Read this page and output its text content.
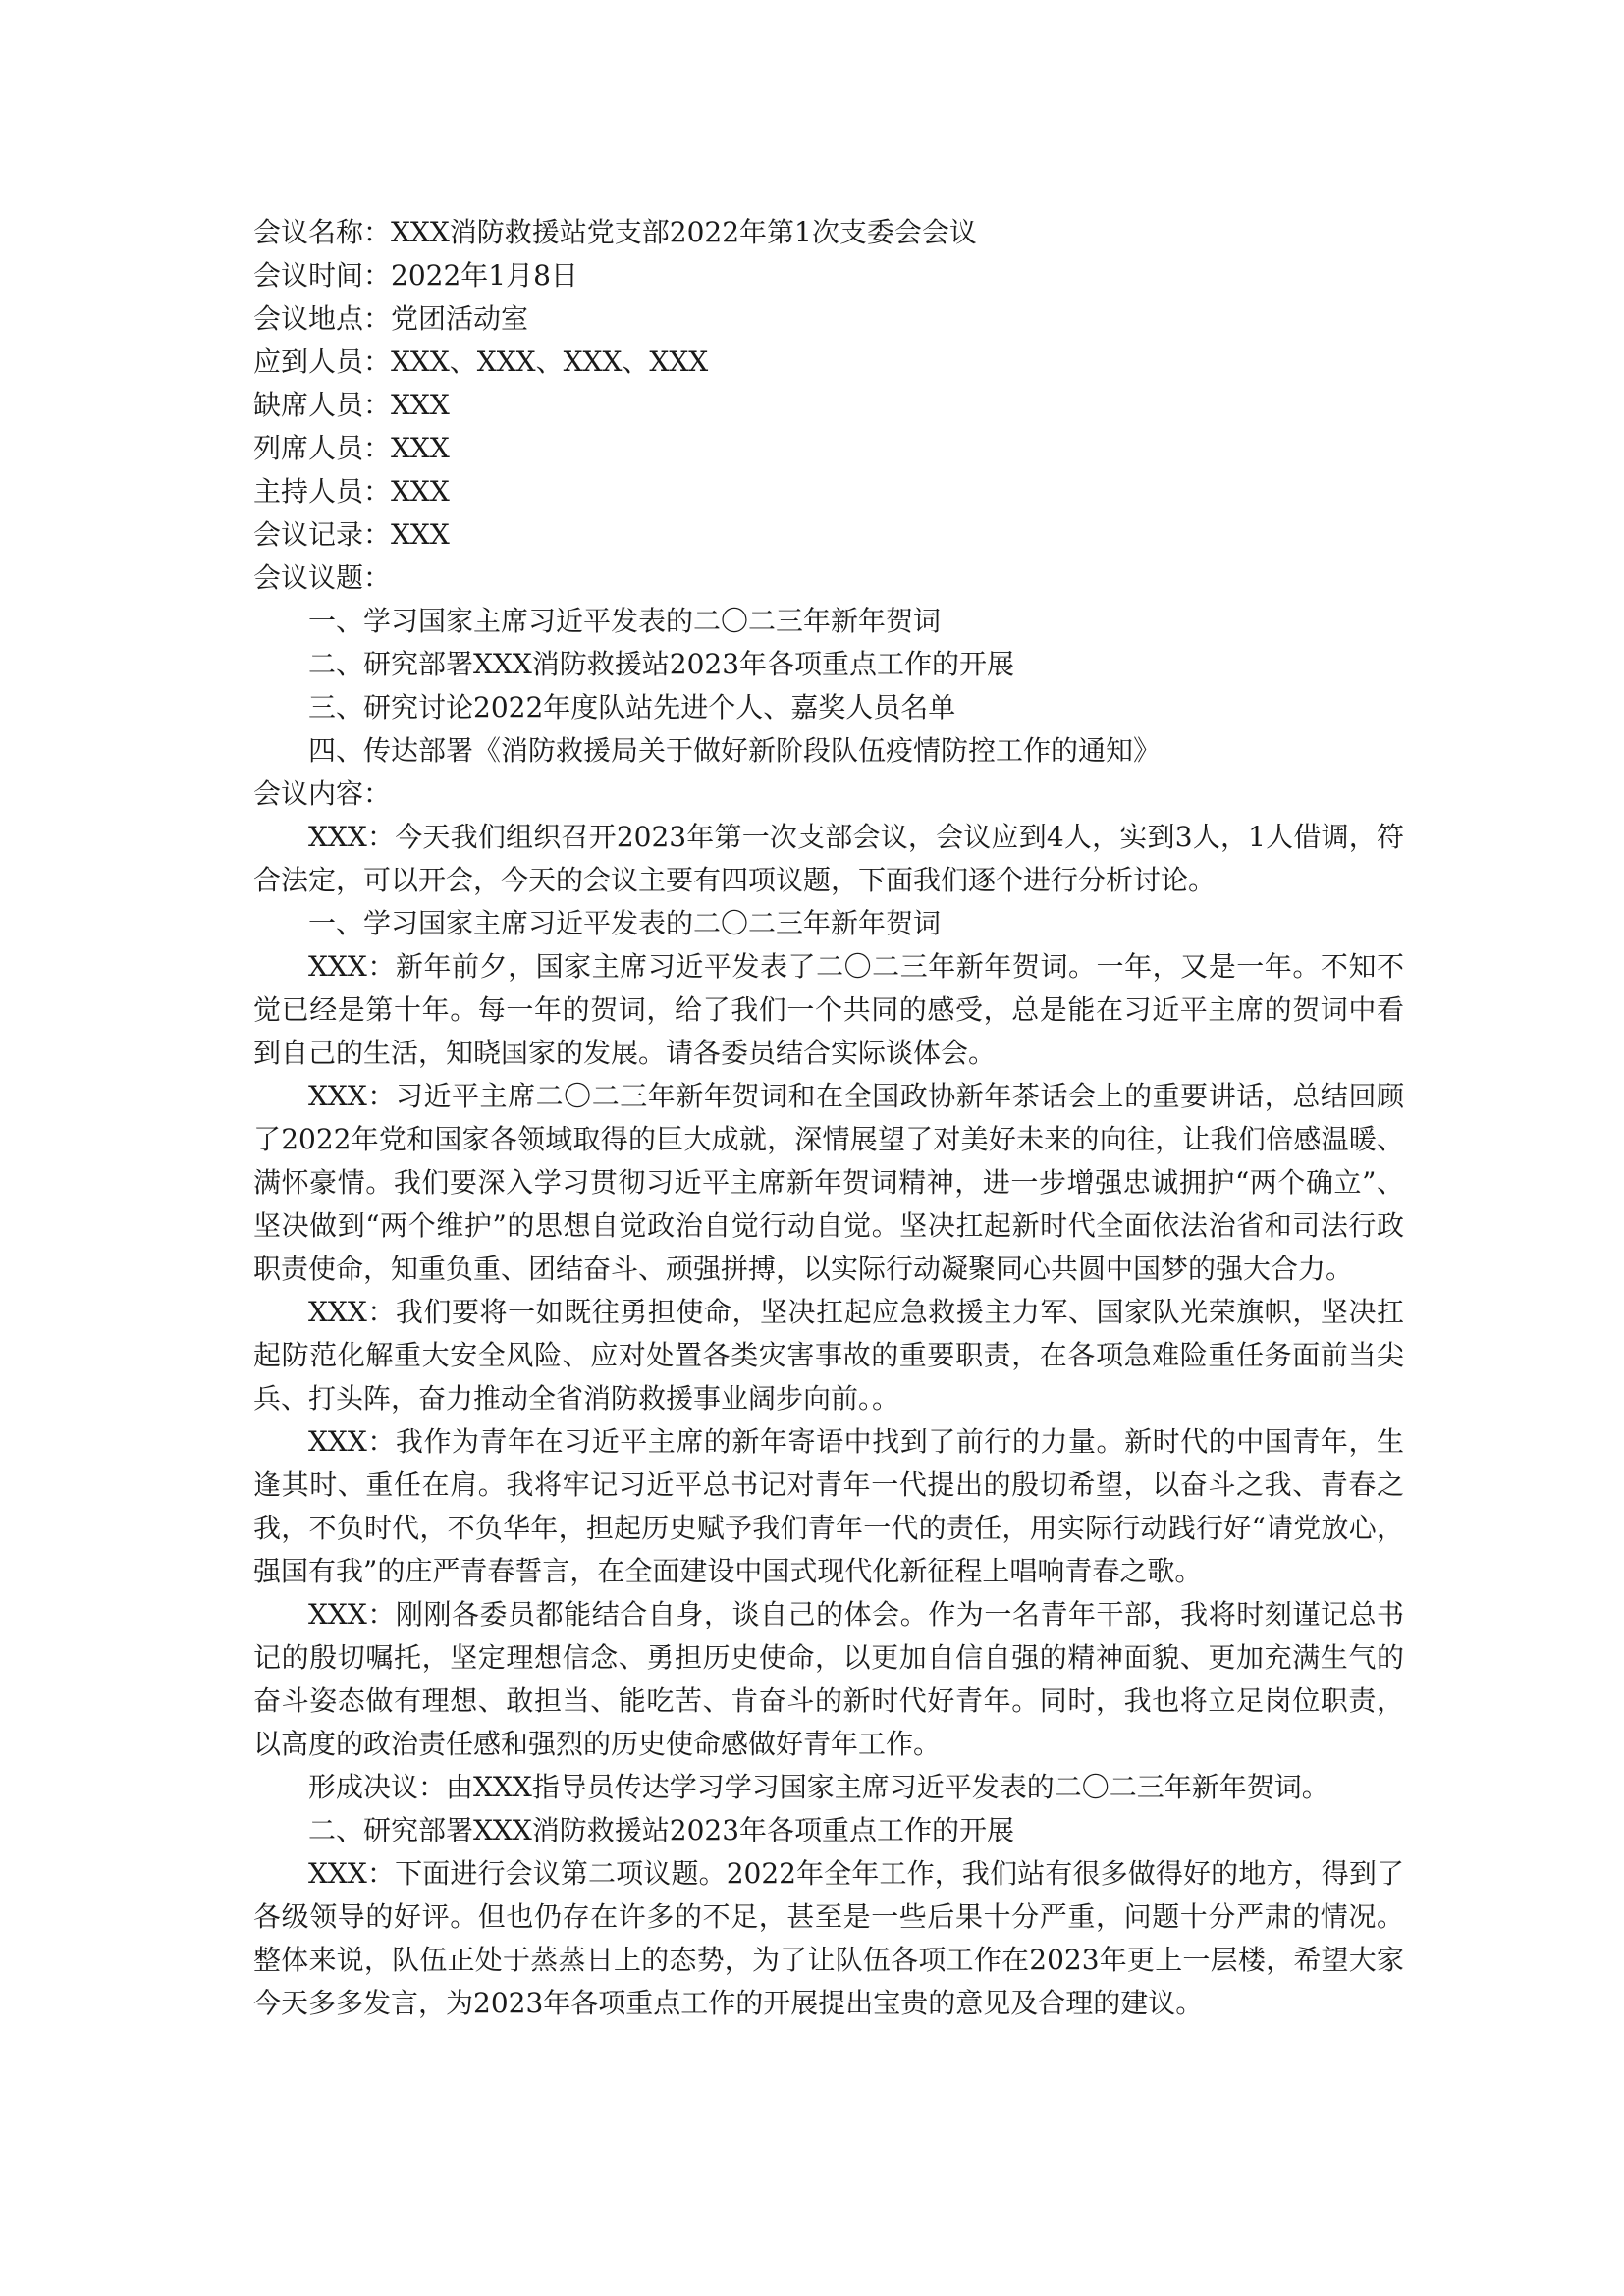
会议名称：XXX消防救援站党支部2022年第1次支委会会议

会议时间：2022年1月8日

会议地点：党团活动室

应到人员：XXX、XXX、XXX、XXX

缺席人员：XXX

列席人员：XXX

主持人员：XXX

会议记录：XXX

会议议题：

一、学习国家主席习近平发表的二〇二三年新年贺词

二、研究部署XXX消防救援站2023年各项重点工作的开展

三、研究讨论2022年度队站先进个人、嘉奖人员名单

四、传达部署《消防救援局关于做好新阶段队伍疫情防控工作的通知》

会议内容：

XXX：今天我们组织召开2023年第一次支部会议，会议应到4人，实到3人，1人借调，符合法定，可以开会，今天的会议主要有四项议题，下面我们逐个进行分析讨论。

一、学习国家主席习近平发表的二〇二三年新年贺词

XXX：新年前夕，国家主席习近平发表了二〇二三年新年贺词。一年，又是一年。不知不觉已经是第十年。每一年的贺词，给了我们一个共同的感受，总是能在习近平主席的贺词中看到自己的生活，知晓国家的发展。请各委员结合实际谈体会。

XXX：习近平主席二〇二三年新年贺词和在全国政协新年茶话会上的重要讲话，总结回顾了2022年党和国家各领域取得的巨大成就，深情展望了对美好未来的向往，让我们倍感温暖、满怀豪情。我们要深入学习贯彻习近平主席新年贺词精神，进一步增强忠诚拥护“两个确立”、坚决做到“两个维护”的思想自觉政治自觉行动自觉。坚决扛起新时代全面依法治省和司法行政职责使命，知重负重、团结奋斗、顽强拼搏，以实际行动凝聚同心共圆中国梦的强大合力。

XXX：我们要将一如既往勇担使命，坚决扛起应急救援主力军、国家队光荣旗帜，坚决扛起防范化解重大安全风险、应对处置各类灾害事故的重要职责，在各项急难险重任务面前当尖兵、打头阵，奋力推动全省消防救援事业阔步向前。。

XXX：我作为青年在习近平主席的新年寄语中找到了前行的力量。新时代的中国青年，生逢其时、重任在肩。我将牢记习近平总书记对青年一代提出的殷切希望，以奋斗之我、青春之我，不负时代，不负华年，担起历史赋予我们青年一代的责任，用实际行动践行好“请党放心，强国有我”的庄严青春誓言，在全面建设中国式现代化新征程上唱响青春之歌。

XXX：刚刚各委员都能结合自身，谈自己的体会。作为一名青年干部，我将时刻谨记总书记的殷切嘱托，坚定理想信念、勇担历史使命，以更加自信自强的精神面貌、更加充满生气的奋斗姿态做有理想、敢担当、能吃苦、肯奋斗的新时代好青年。同时，我也将立足岗位职责，以高度的政治责任感和强烈的历史使命感做好青年工作。

形成决议：由XXX指导员传达学习学习国家主席习近平发表的二〇二三年新年贺词。

二、研究部署XXX消防救援站2023年各项重点工作的开展

XXX：下面进行会议第二项议题。2022年全年工作，我们站有很多做得好的地方，得到了各级领导的好评。但也仍存在许多的不足，甚至是一些后果十分严重，问题十分严肃的情况。整体来说，队伍正处于蒸蒸日上的态势，为了让队伍各项工作在2023年更上一层楼，希望大家今天多多发言，为2023年各项重点工作的开展提出宝贵的意见及合理的建议。
